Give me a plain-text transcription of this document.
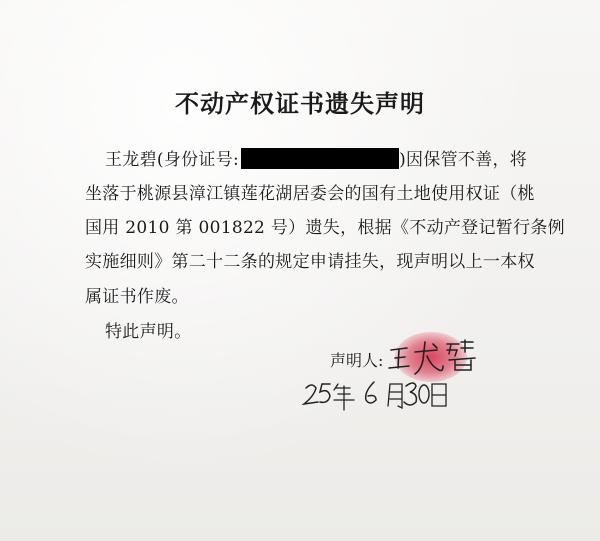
不动产权证书遗失声明
王龙碧(身份证号:	)因保管不善，将
坐落于桃源县漳江镇莲花湖居委会的国有土地使用权证（桃
国用 2010 第 001822 号）遗失，根据《不动产登记暂行条例
实施细则》第二十二条的规定申请挂失，现声明以上一本权
属证书作废。
特此声明。
声明人:
